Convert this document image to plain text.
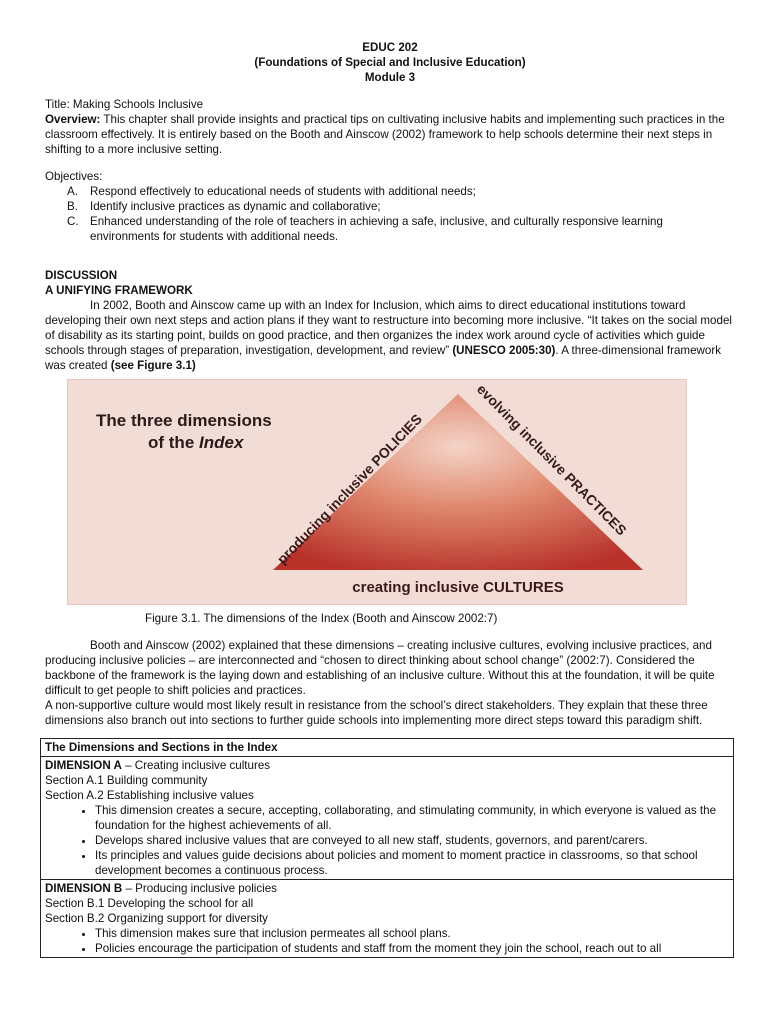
EDUC 202

(Foundations of Special and Inclusive Education)

Module 3

Title: Making Schools Inclusive

Overview: This chapter shall provide insights and practical tips on cultivating inclusive habits and implementing such practices in the classroom effectively. It is entirely based on the Booth and Ainscow (2002) framework to help schools determine their next steps in shifting to a more inclusive setting.

Objectives:

A.	Respond effectively to educational needs of students with additional needs;
B.	Identify inclusive practices as dynamic and collaborative;
C. Enhanced understanding of the role of teachers in achieving a safe, inclusive, and culturally responsive learning environments for students with additional needs.

DISCUSSION

A UNIFYING FRAMEWORK

In 2002, Booth and Ainscow came up with an Index for Inclusion, which aims to direct educational institutions toward developing their own next steps and action plans if they want to restructure into becoming more inclusive. “It takes on the social model of disability as its starting point, builds on good practice, and then organizes the index work around cycle of activities which guide schools through stages of preparation, investigation, development, and review” (UNESCO 2005:30). A three-dimensional framework was created (see Figure 3.1)

The three dimensions
of the Index
producing inclusive POLICIES
evolving inclusive PRACTICES
creating inclusive CULTURES

Figure 3.1. The dimensions of the Index (Booth and Ainscow 2002:7)

Booth and Ainscow (2002) explained that these dimensions – creating inclusive cultures, evolving inclusive practices, and producing inclusive policies – are interconnected and “chosen to direct thinking about school change” (2002:7). Considered the backbone of the framework is the laying down and establishing of an inclusive culture. Without this at the foundation, it will be quite difficult to get people to shift policies and practices.

A non-supportive culture would most likely result in resistance from the school’s direct stakeholders. They explain that these three dimensions also branch out into sections to further guide schools into implementing more direct steps toward this paradigm shift.

The Dimensions and Sections in the Index

DIMENSION A – Creating inclusive cultures
Section A.1 Building community
Section A.2 Establishing inclusive values
• This dimension creates a secure, accepting, collaborating, and stimulating community, in which everyone is valued as the foundation for the highest achievements of all.
• Develops shared inclusive values that are conveyed to all new staff, students, governors, and parent/carers.
• Its principles and values guide decisions about policies and moment to moment practice in classrooms, so that school development becomes a continuous process.

DIMENSION B – Producing inclusive policies
Section B.1 Developing the school for all
Section B.2 Organizing support for diversity
• This dimension makes sure that inclusion permeates all school plans.
• Policies encourage the participation of students and staff from the moment they join the school, reach out to all
